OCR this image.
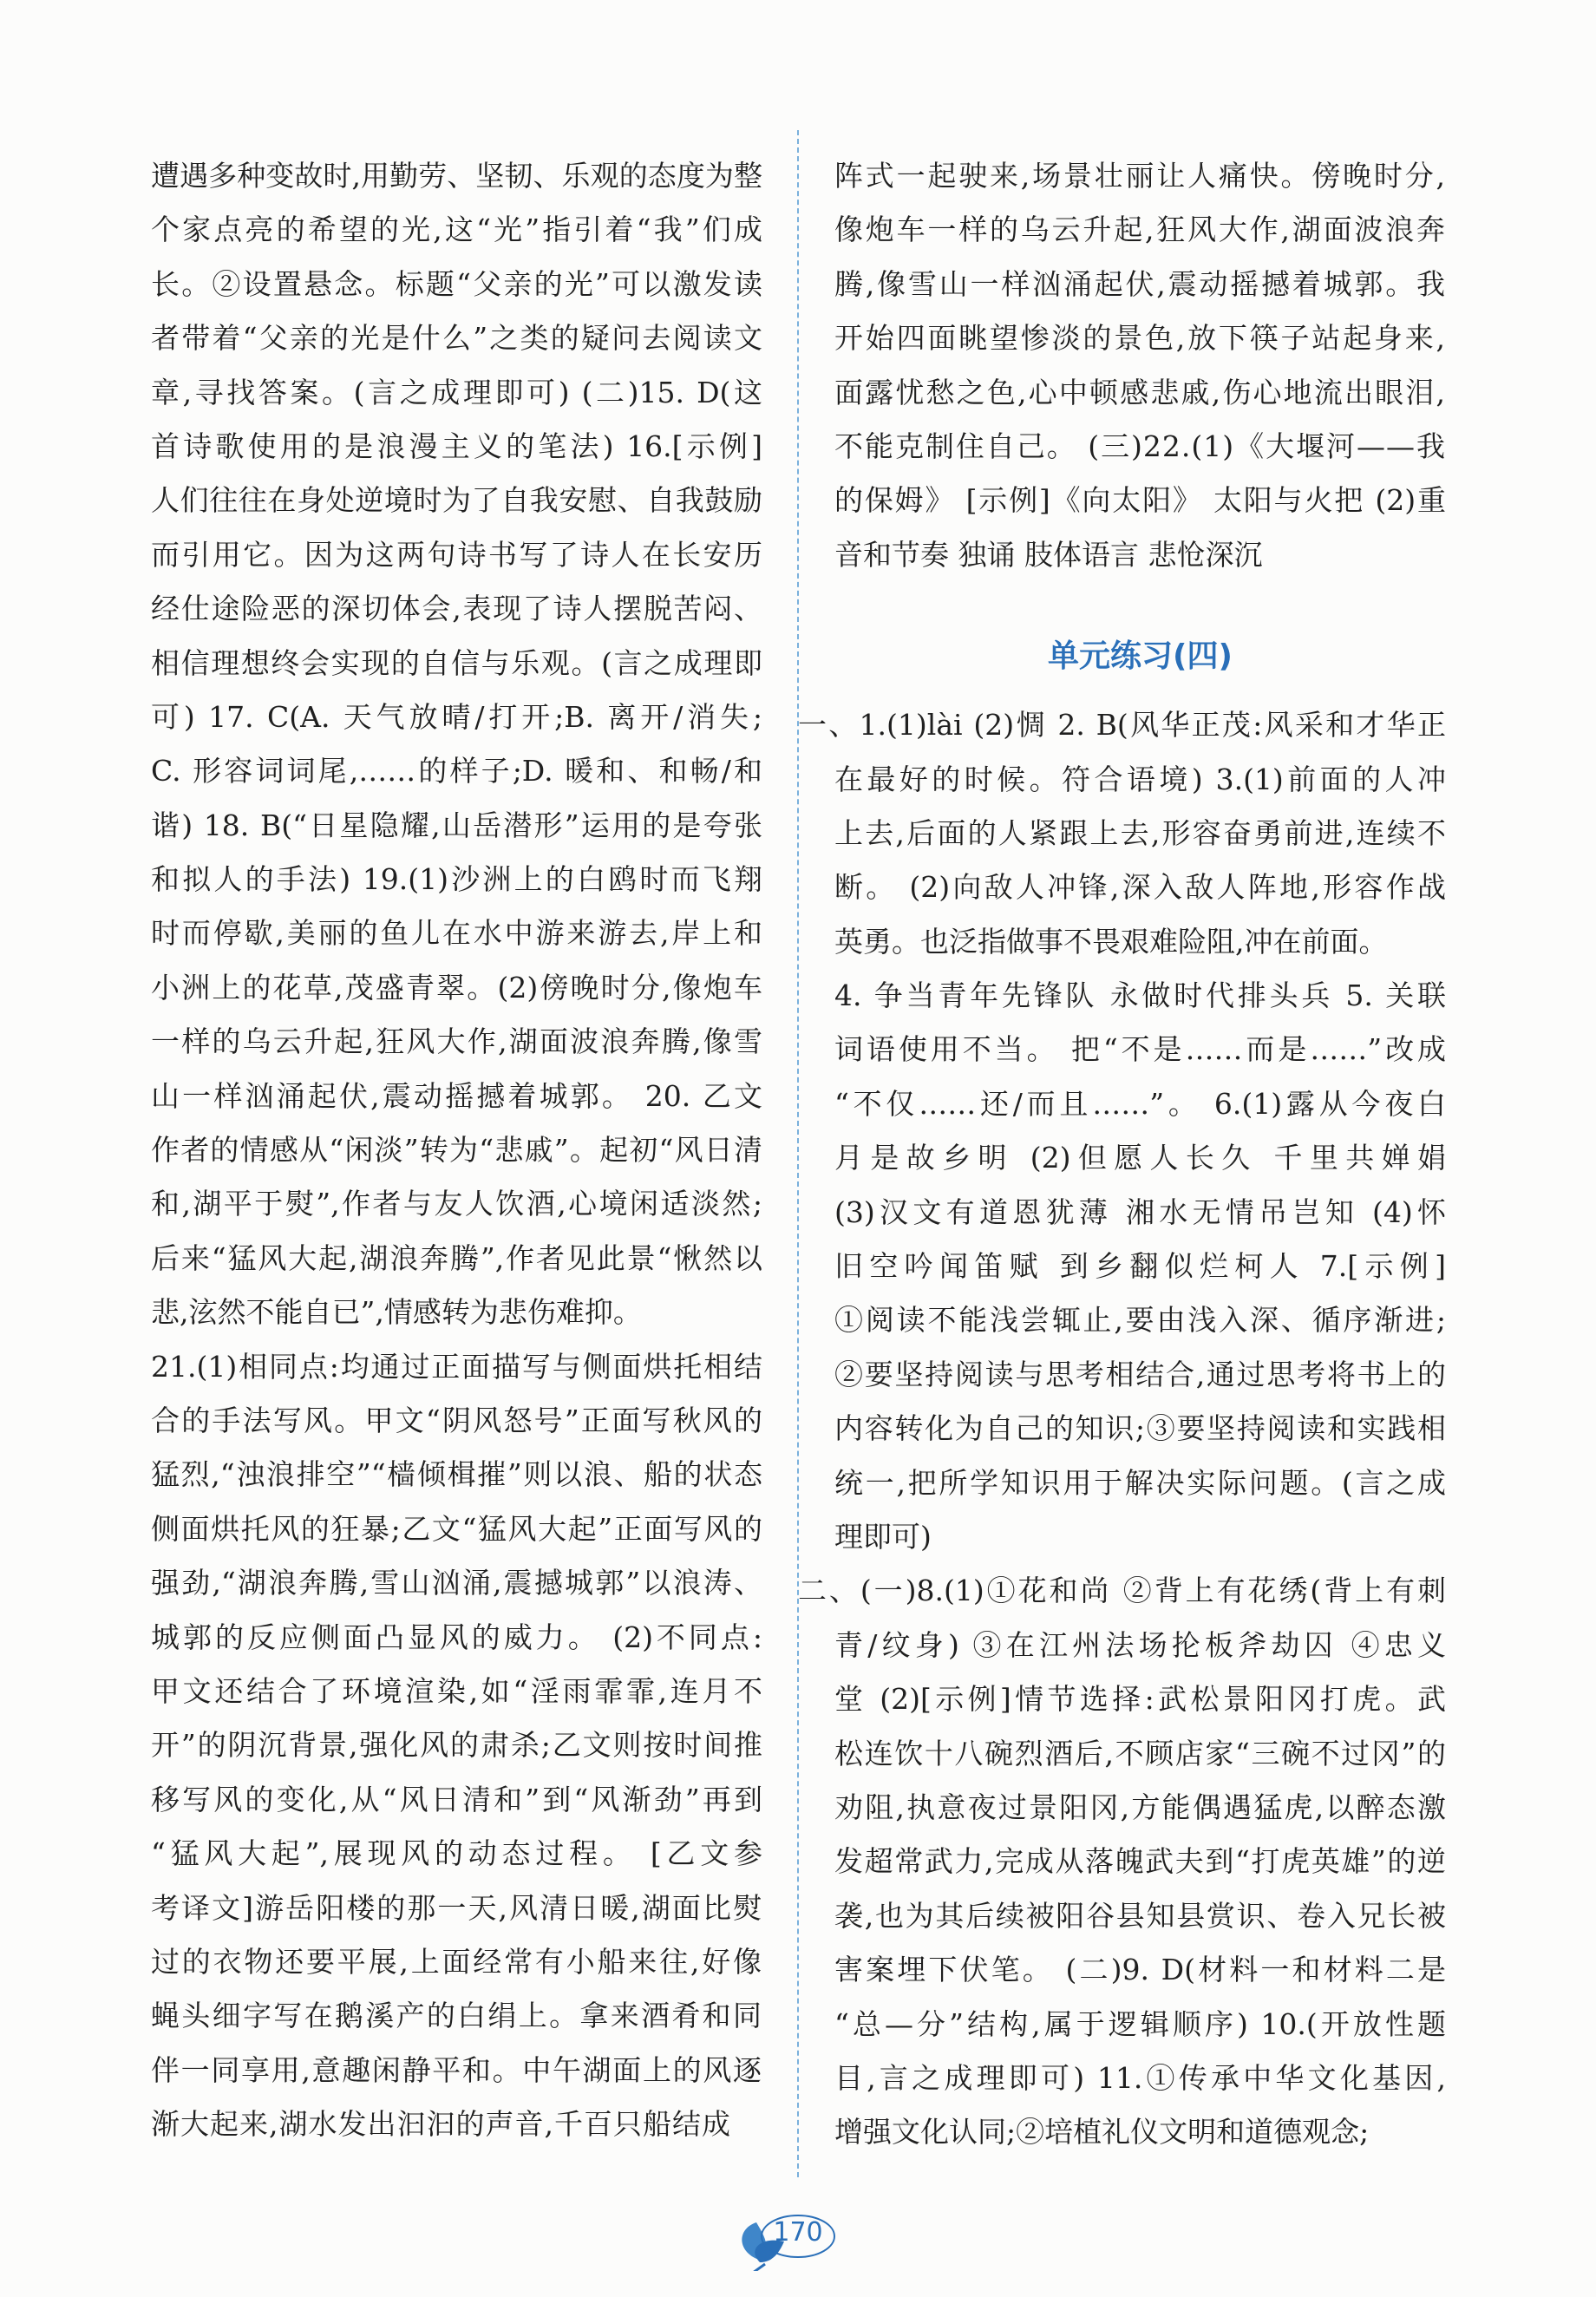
遭遇多种变故时,用勤劳、坚韧、乐观的态度为整
个家点亮的希望的光,这“光”指引着“我”们成
长。②设置悬念。标题“父亲的光”可以激发读
者带着“父亲的光是什么”之类的疑问去阅读文
章,寻找答案。(言之成理即可) (二)15. D(这
首诗歌使用的是浪漫主义的笔法) 16.[示例]
人们往往在身处逆境时为了自我安慰、自我鼓励
而引用它。因为这两句诗书写了诗人在长安历
经仕途险恶的深切体会,表现了诗人摆脱苦闷、
相信理想终会实现的自信与乐观。(言之成理即
可) 17. C(A. 天气放晴/打开;B. 离开/消失;
C. 形容词词尾,……的样子;D. 暖和、和畅/和
谐) 18. B(“日星隐耀,山岳潜形”运用的是夸张
和拟人的手法) 19.(1)沙洲上的白鸥时而飞翔
时而停歇,美丽的鱼儿在水中游来游去,岸上和
小洲上的花草,茂盛青翠。(2)傍晚时分,像炮车
一样的乌云升起,狂风大作,湖面波浪奔腾,像雪
山一样汹涌起伏,震动摇撼着城郭。 20. 乙文
作者的情感从“闲淡”转为“悲戚”。起初“风日清
和,湖平于熨”,作者与友人饮酒,心境闲适淡然;
后来“猛风大起,湖浪奔腾”,作者见此景“愀然以
悲,泫然不能自已”,情感转为悲伤难抑。
21.(1)相同点:均通过正面描写与侧面烘托相结
合的手法写风。甲文“阴风怒号”正面写秋风的
猛烈,“浊浪排空”“樯倾楫摧”则以浪、船的状态
侧面烘托风的狂暴;乙文“猛风大起”正面写风的
强劲,“湖浪奔腾,雪山汹涌,震撼城郭”以浪涛、
城郭的反应侧面凸显风的威力。 (2)不同点:
甲文还结合了环境渲染,如“淫雨霏霏,连月不
开”的阴沉背景,强化风的肃杀;乙文则按时间推
移写风的变化,从“风日清和”到“风渐劲”再到
“猛风大起”,展现风的动态过程。 [乙文参
考译文]游岳阳楼的那一天,风清日暖,湖面比熨
过的衣物还要平展,上面经常有小船来往,好像
蝇头细字写在鹅溪产的白绢上。拿来酒肴和同
伴一同享用,意趣闲静平和。中午湖面上的风逐
渐大起来,湖水发出汩汩的声音,千百只船结成
阵式一起驶来,场景壮丽让人痛快。傍晚时分,
像炮车一样的乌云升起,狂风大作,湖面波浪奔
腾,像雪山一样汹涌起伏,震动摇撼着城郭。我
开始四面眺望惨淡的景色,放下筷子站起身来,
面露忧愁之色,心中顿感悲戚,伤心地流出眼泪,
不能克制住自己。 (三)22.(1)《大堰河——我
的保姆》 [示例]《向太阳》 太阳与火把 (2)重
音和节奏 独诵 肢体语言 悲怆深沉
单元练习(四)
一、1.(1)lài (2)惆 2. B(风华正茂:风采和才华正
在最好的时候。符合语境) 3.(1)前面的人冲
上去,后面的人紧跟上去,形容奋勇前进,连续不
断。 (2)向敌人冲锋,深入敌人阵地,形容作战
英勇。也泛指做事不畏艰难险阻,冲在前面。
4. 争当青年先锋队 永做时代排头兵 5. 关联
词语使用不当。 把“不是……而是……”改成
“不仅……还/而且……”。 6.(1)露从今夜白
月是故乡明 (2)但愿人长久 千里共婵娟
(3)汉文有道恩犹薄 湘水无情吊岂知 (4)怀
旧空吟闻笛赋 到乡翻似烂柯人 7.[示例]
①阅读不能浅尝辄止,要由浅入深、循序渐进;
②要坚持阅读与思考相结合,通过思考将书上的
内容转化为自己的知识;③要坚持阅读和实践相
统一,把所学知识用于解决实际问题。(言之成
理即可)
二、(一)8.(1)①花和尚 ②背上有花绣(背上有刺
青/纹身) ③在江州法场抡板斧劫囚 ④忠义
堂 (2)[示例]情节选择:武松景阳冈打虎。武
松连饮十八碗烈酒后,不顾店家“三碗不过冈”的
劝阻,执意夜过景阳冈,方能偶遇猛虎,以醉态激
发超常武力,完成从落魄武夫到“打虎英雄”的逆
袭,也为其后续被阳谷县知县赏识、卷入兄长被
害案埋下伏笔。 (二)9. D(材料一和材料二是
“总—分”结构,属于逻辑顺序) 10.(开放性题
目,言之成理即可) 11.①传承中华文化基因,
增强文化认同;②培植礼仪文明和道德观念;
170
